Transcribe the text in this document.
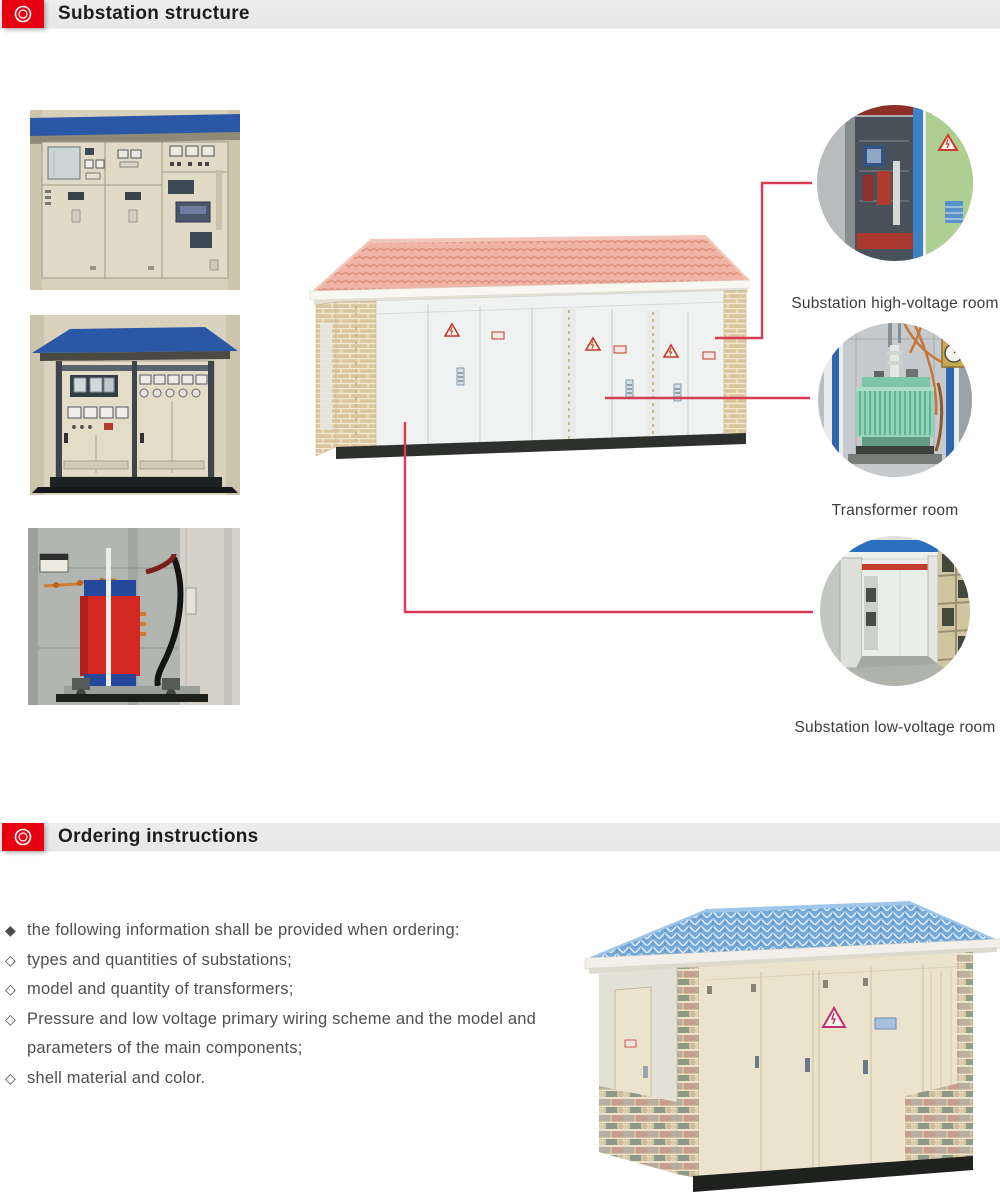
Substation structure
Substation high-voltage room
Transformer room
Substation low-voltage room
Ordering instructions
◆ the following information shall be provided when ordering:
◇ types and quantities of substations;
◇ model and quantity of transformers;
◇ Pressure and low voltage primary wiring scheme and the model and parameters of the main components;
◇ shell material and color.
